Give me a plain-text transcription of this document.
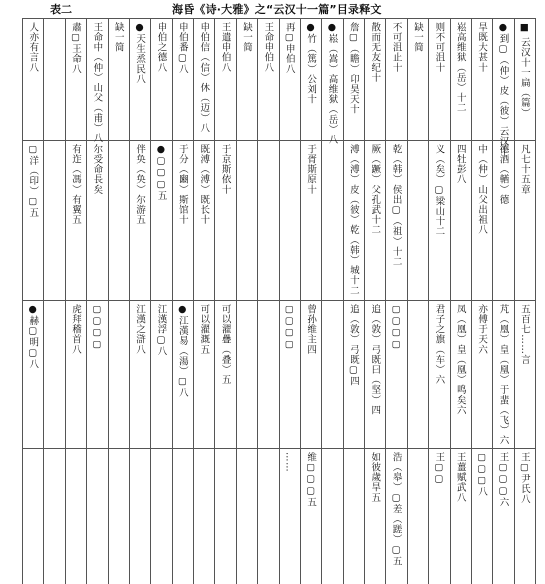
表二	海昏《诗·大雅》之“云汉十一篇”目录释文
■ 云汉十一扁（篇）
凡七十五章
五百七……言
王▢尹氏八
●到▢（仲）皮（彼）云汉十
德酒（輶）德
芃（凰）皇（凰）于蜚（飞）六
王▢▢▢六
旱既大甚十
中（仲）山父出祖八
亦傅于天六
▢▢▢八
崧高维狱（岳）十二
四牡彭八
凤（凰）皇（凰）鸣矣六
王薑赋武八
则不可沮十
义（矣）▢梁山十二
君子之旗（车）六
王▢▢
缺一简
不可沮止十
乾（韩）侯出▢（祖）十二
▢▢▢▢
浩（皋）▢差（蹉）▢五
散而无友纪十
厥（蹶）父孔武十二
追（敦）弓既曰（坚）四
如彼歲旱五
詹▢（瞻）卬昊天十
溥（溥）皮（彼）乾（韩）城十二
追（敦）弓既▢四
●崧（嵩）高维狱（岳）八
●竹（篤）公刘十
于胥斯原十
曾孙维主四
维▢▢▢五
再▢申伯八
▢▢▢▢
……
王命申伯八
缺一简
王遣申伯八
于京斯依十
可以濯疊（叠）五
申伯信（信）休（迈）八
既溥（溥）既长十
可以濯溉五
申伯番▢八
于分（豳）斯馆十
●江漢易（湯）▢八
申伯之德八
●▢▢▢五
江漢浮▢八
●天生烝民八
伴奂（奂）尔游五
江漢之滸八
缺一简
王命中（仲）山父（甫）八
尔受命長矣
▢▢▢▢
肅▢王命八
有迮（馮）有翼五
虎拜稽首八
人亦有言八
▢洋（印）▢五
●赫▢明▢八
